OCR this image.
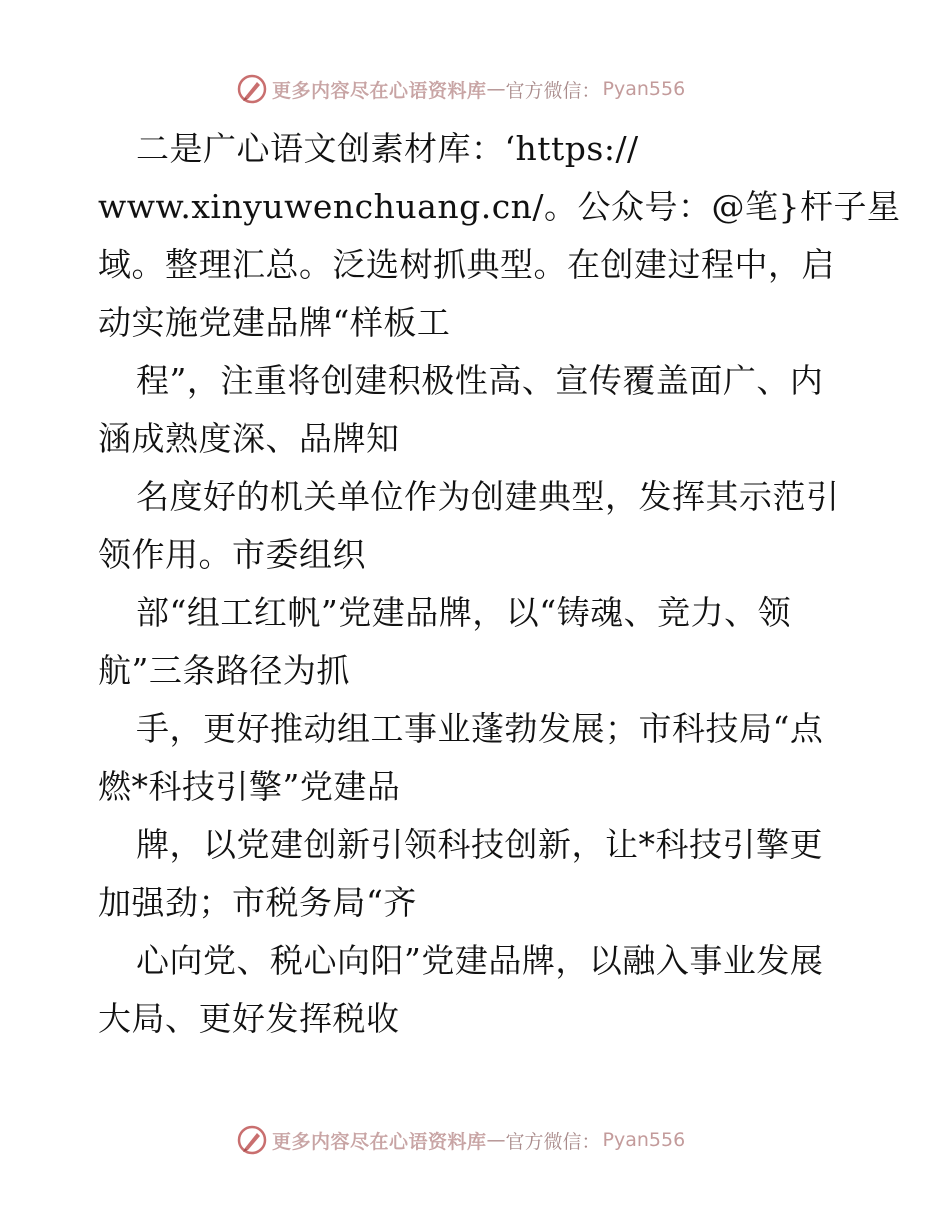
更多内容尽在心语资料库 — 官方微信： Pyan556
二是广心语文创素材库：‘https://
www.xinyuwenchuang.cn/。公众号：@笔}杆子星
域。整理汇总。泛选树抓典型。在创建过程中，启
动实施党建品牌“样板工
程”，注重将创建积极性高、宣传覆盖面广、内
涵成熟度深、品牌知
名度好的机关单位作为创建典型，发挥其示范引
领作用。市委组织
部“组工红帆”党建品牌，以“铸魂、竞力、领
航”三条路径为抓
手，更好推动组工事业蓬勃发展；市科技局“点
燃*科技引擎”党建品
牌，以党建创新引领科技创新，让*科技引擎更
加强劲；市税务局“齐
心向党、税心向阳”党建品牌，以融入事业发展
大局、更好发挥税收
更多内容尽在心语资料库 — 官方微信： Pyan556
